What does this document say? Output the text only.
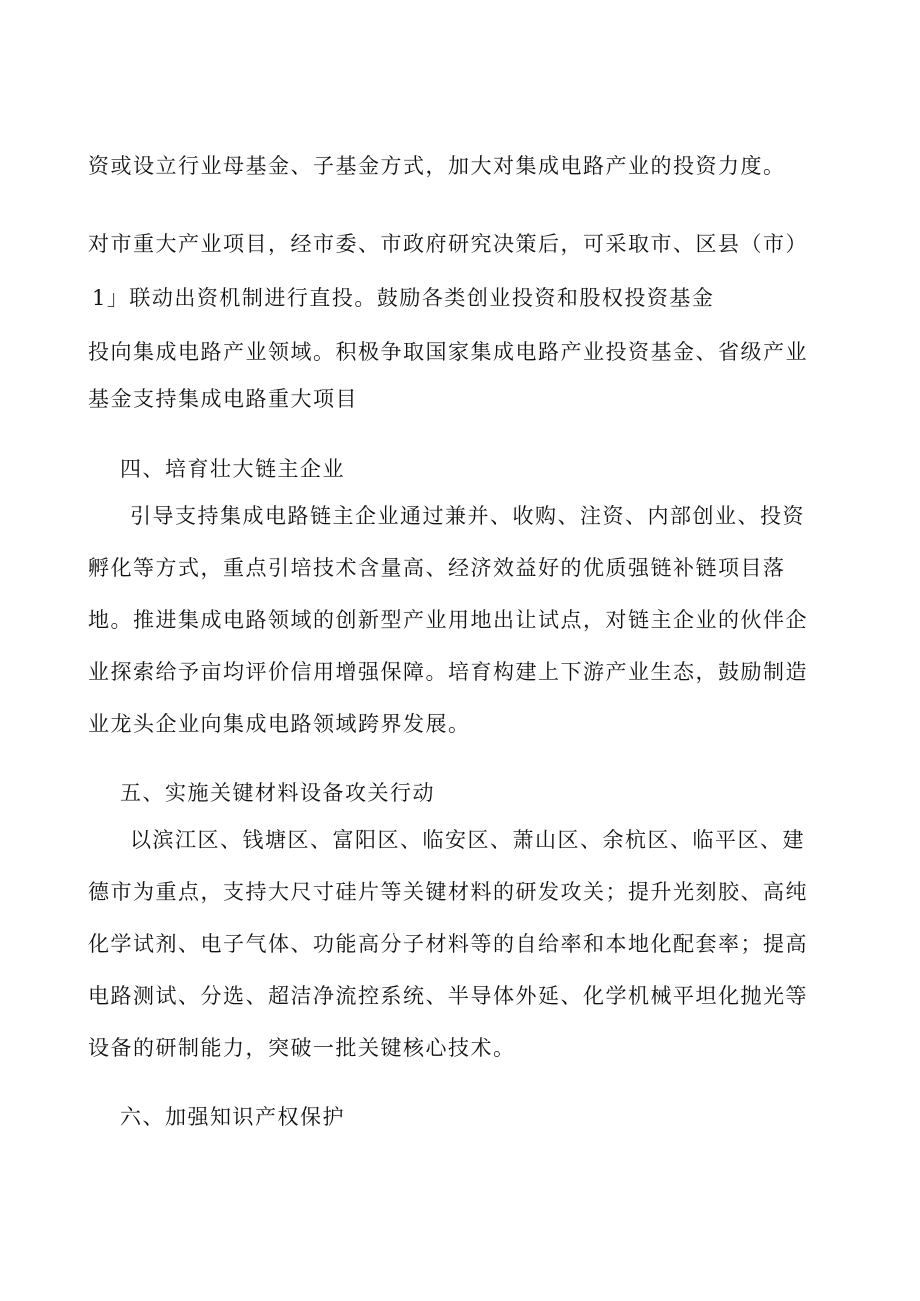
资或设立行业母基金、子基金方式，加大对集成电路产业的投资力度。

对市重大产业项目，经市委、市政府研究决策后，可采取市、区县（市）

1」联动出资机制进行直投。鼓励各类创业投资和股权投资基金

投向集成电路产业领域。积极争取国家集成电路产业投资基金、省级产业

基金支持集成电路重大项目

四、培育壮大链主企业

引导支持集成电路链主企业通过兼并、收购、注资、内部创业、投资

孵化等方式，重点引培技术含量高、经济效益好的优质强链补链项目落

地。推进集成电路领域的创新型产业用地出让试点，对链主企业的伙伴企

业探索给予亩均评价信用增强保障。培育构建上下游产业生态，鼓励制造

业龙头企业向集成电路领域跨界发展。

五、实施关键材料设备攻关行动

以滨江区、钱塘区、富阳区、临安区、萧山区、余杭区、临平区、建

德市为重点，支持大尺寸硅片等关键材料的研发攻关；提升光刻胶、高纯

化学试剂、电子气体、功能高分子材料等的自给率和本地化配套率；提高

电路测试、分选、超洁净流控系统、半导体外延、化学机械平坦化抛光等

设备的研制能力，突破一批关键核心技术。

六、加强知识产权保护
